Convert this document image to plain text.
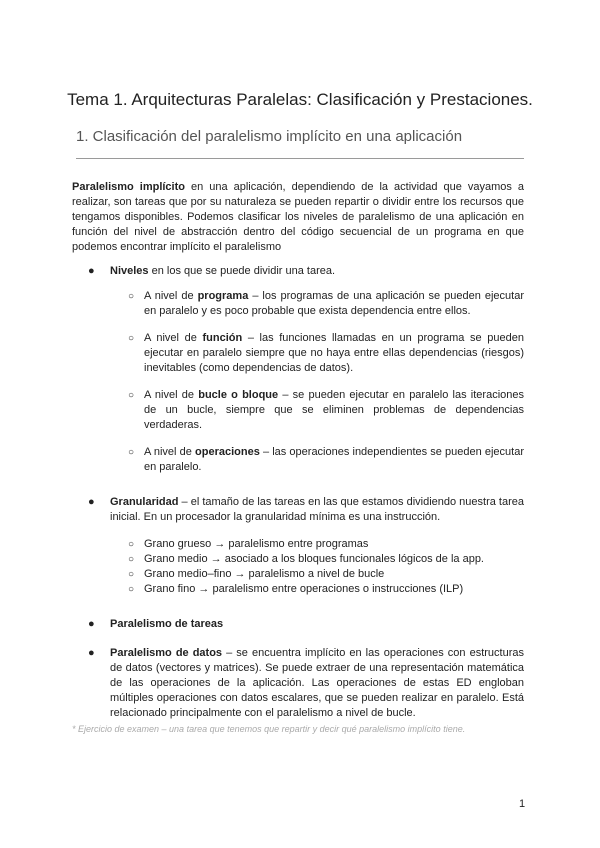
Tema 1. Arquitecturas Paralelas: Clasificación y Prestaciones.
1. Clasificación del paralelismo implícito en una aplicación

Paralelismo implícito en una aplicación, dependiendo de la actividad que vayamos a realizar, son tareas que por su naturaleza se pueden repartir o dividir entre los recursos que tengamos disponibles. Podemos clasificar los niveles de paralelismo de una aplicación en función del nivel de abstracción dentro del código secuencial de un programa en que podemos encontrar implícito el paralelismo

● Niveles en los que se puede dividir una tarea.
○ A nivel de programa – los programas de una aplicación se pueden ejecutar en paralelo y es poco probable que exista dependencia entre ellos.
○ A nivel de función – las funciones llamadas en un programa se pueden ejecutar en paralelo siempre que no haya entre ellas dependencias (riesgos) inevitables (como dependencias de datos).
○ A nivel de bucle o bloque – se pueden ejecutar en paralelo las iteraciones de un bucle, siempre que se eliminen problemas de dependencias verdaderas.
○ A nivel de operaciones – las operaciones independientes se pueden ejecutar en paralelo.
● Granularidad – el tamaño de las tareas en las que estamos dividiendo nuestra tarea inicial. En un procesador la granularidad mínima es una instrucción.
○ Grano grueso → paralelismo entre programas
○ Grano medio → asociado a los bloques funcionales lógicos de la app.
○ Grano medio–fino → paralelismo a nivel de bucle
○ Grano fino → paralelismo entre operaciones o instrucciones (ILP)
● Paralelismo de tareas
● Paralelismo de datos – se encuentra implícito en las operaciones con estructuras de datos (vectores y matrices). Se puede extraer de una representación matemática de las operaciones de la aplicación. Las operaciones de estas ED engloban múltiples operaciones con datos escalares, que se pueden realizar en paralelo. Está relacionado principalmente con el paralelismo a nivel de bucle.
* Ejercicio de examen – una tarea que tenemos que repartir y decir qué paralelismo implícito tiene.
1
